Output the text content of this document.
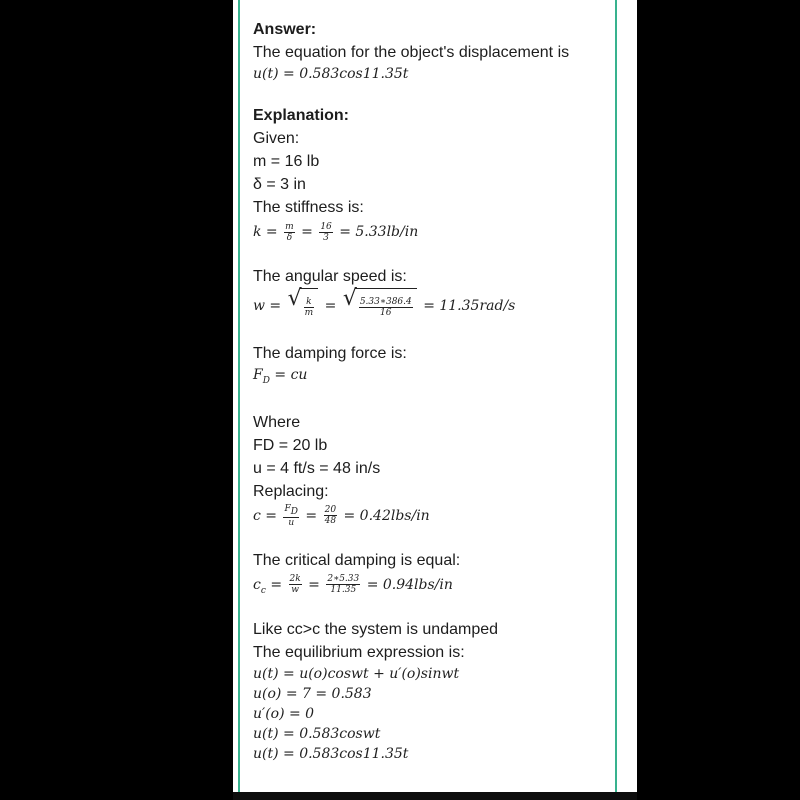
Answer:
The equation for the object's displacement is
u(t) = 0.583cos11.35t
Explanation:
Given:
m = 16 lb
δ = 3 in
The stiffness is:
$k = \frac{m}{\delta} = \frac{16}{3} = 5.33lb/in$
The angular speed is:
w = √ $\frac{k}{m}$ = √ $\frac{5.33∗386.4}{16} = 11.35rad/s$
The damping force is:
$F_D$ = cu
Where
FD = 20 lb
u = 4 ft/s = 48 in/s
Replacing:
$c = \frac{F_D}{u} = \frac{20}{48} = 0.42lbs/in$
The critical damping is equal:
$c_c = \frac{2k}{w} = \frac{2∗5.33}{11.35} = 0.94lbs/in$
Like cc>c the system is undamped
The equilibrium expression is:
u(t) = u(o)coswt + u′(o)sinwt
u(o) = 7 = 0.583
u′(o) = 0
u(t) = 0.583coswt
u(t) = 0.583cos11.35t
